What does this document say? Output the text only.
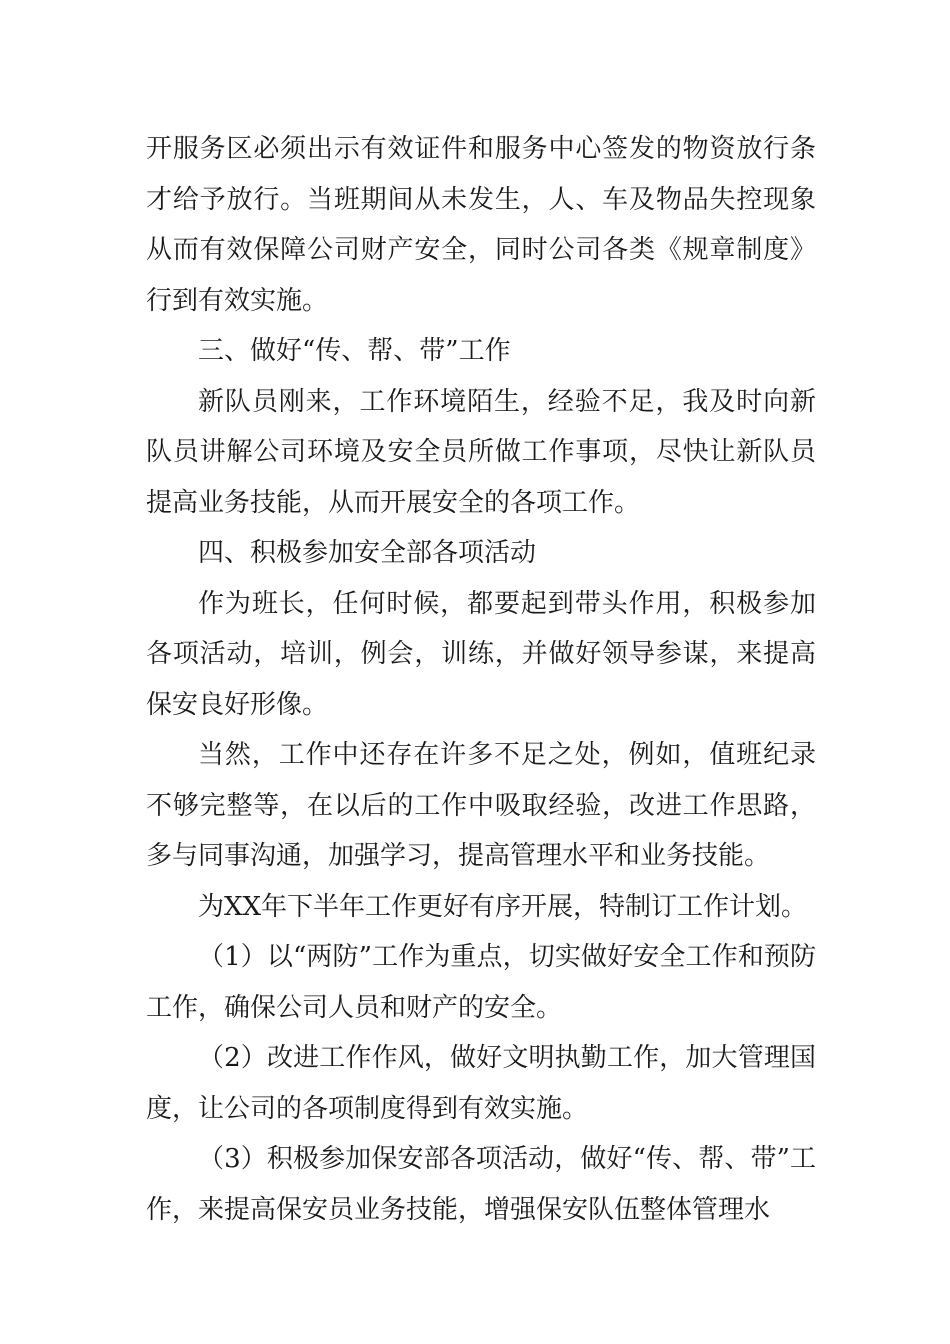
开服务区必须出示有效证件和服务中心签发的物资放行条才给予放行。当班期间从未发生，人、车及物品失控现象从而有效保障公司财产安全，同时公司各类《规章制度》行到有效实施。

三、做好“传、帮、带”工作

新队员刚来，工作环境陌生，经验不足，我及时向新队员讲解公司环境及安全员所做工作事项，尽快让新队员提高业务技能，从而开展安全的各项工作。

四、积极参加安全部各项活动

作为班长，任何时候，都要起到带头作用，积极参加各项活动，培训，例会，训练，并做好领导参谋，来提高保安良好形像。

当然，工作中还存在许多不足之处，例如，值班纪录不够完整等，在以后的工作中吸取经验，改进工作思路，多与同事沟通，加强学习，提高管理水平和业务技能。

为XX年下半年工作更好有序开展，特制订工作计划。

（1）以“两防”工作为重点，切实做好安全工作和预防工作，确保公司人员和财产的安全。

（2）改进工作作风，做好文明执勤工作，加大管理国度，让公司的各项制度得到有效实施。

（3）积极参加保安部各项活动，做好“传、帮、带”工作，来提高保安员业务技能，增强保安队伍整体管理水
